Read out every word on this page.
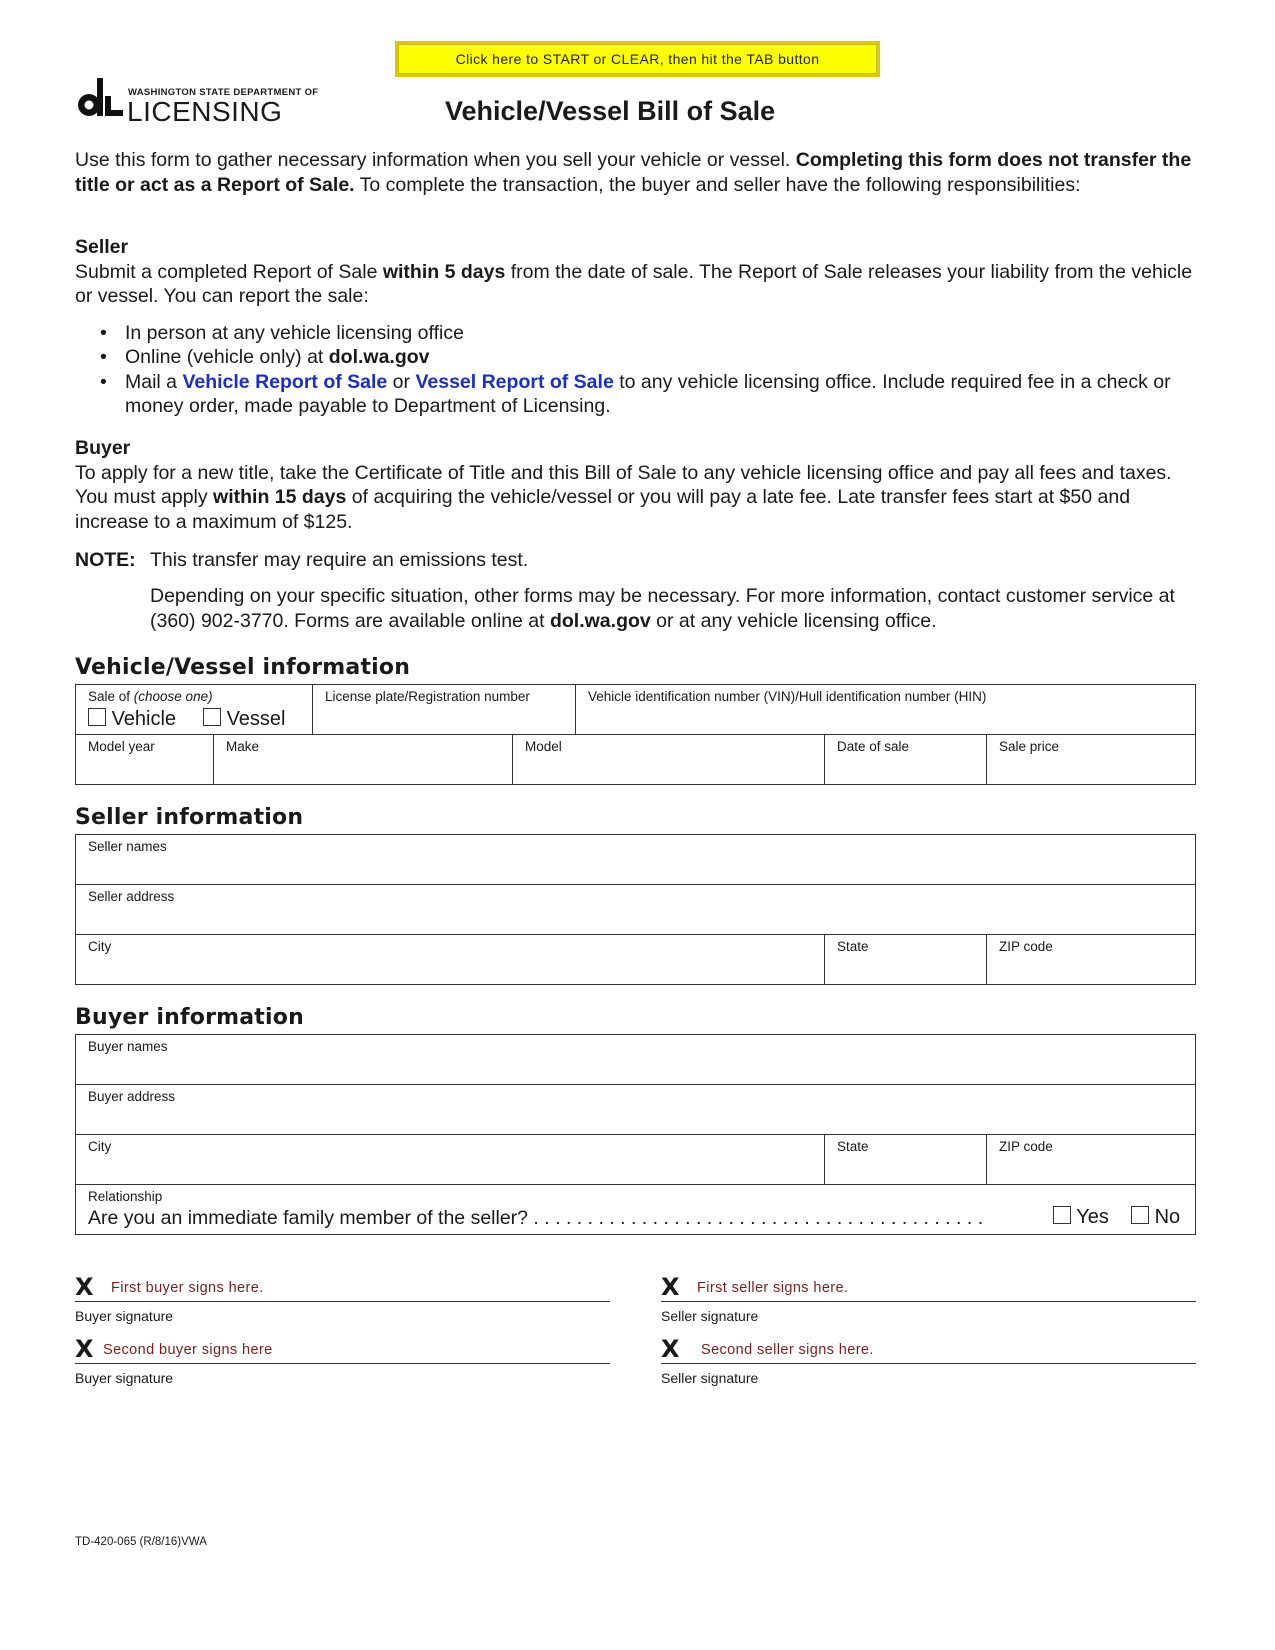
Click here to START or CLEAR, then hit the TAB button
WASHINGTON STATE DEPARTMENT OF
LICENSING	Vehicle/Vessel Bill of Sale
Use this form to gather necessary information when you sell your vehicle or vessel. Completing this form does not transfer the title or act as a Report of Sale. To complete the transaction, the buyer and seller have the following responsibilities:
Seller
Submit a completed Report of Sale within 5 days from the date of sale. The Report of Sale releases your liability from the vehicle or vessel. You can report the sale:
• In person at any vehicle licensing office
• Online (vehicle only) at dol.wa.gov
• Mail a Vehicle Report of Sale or Vessel Report of Sale to any vehicle licensing office. Include required fee in a check or money order, made payable to Department of Licensing.
Buyer
To apply for a new title, take the Certificate of Title and this Bill of Sale to any vehicle licensing office and pay all fees and taxes. You must apply within 15 days of acquiring the vehicle/vessel or you will pay a late fee. Late transfer fees start at $50 and increase to a maximum of $125.
NOTE: This transfer may require an emissions test.
Depending on your specific situation, other forms may be necessary. For more information, contact customer service at (360) 902-3770. Forms are available online at dol.wa.gov or at any vehicle licensing office.
Vehicle/Vessel information
Sale of (choose one)
Vehicle	Vessel
License plate/Registration number	Vehicle identification number (VIN)/Hull identification number (HIN)
Model year	Make	Model	Date of sale	Sale price
Seller information
Seller names
Seller address
City	State	ZIP code
Buyer information
Buyer names
Buyer address
City	State	ZIP code
Relationship
Are you an immediate family member of the seller? . . . . . . . . . . . . . . . . . . . . . . . . . . . . . . . . . . . . . . . . . .	Yes	No
X First buyer signs here.
Buyer signature
X First seller signs here.
Seller signature
X Second buyer signs here
Buyer signature
X Second seller signs here.
Seller signature
TD-420-065 (R/8/16)VWA
